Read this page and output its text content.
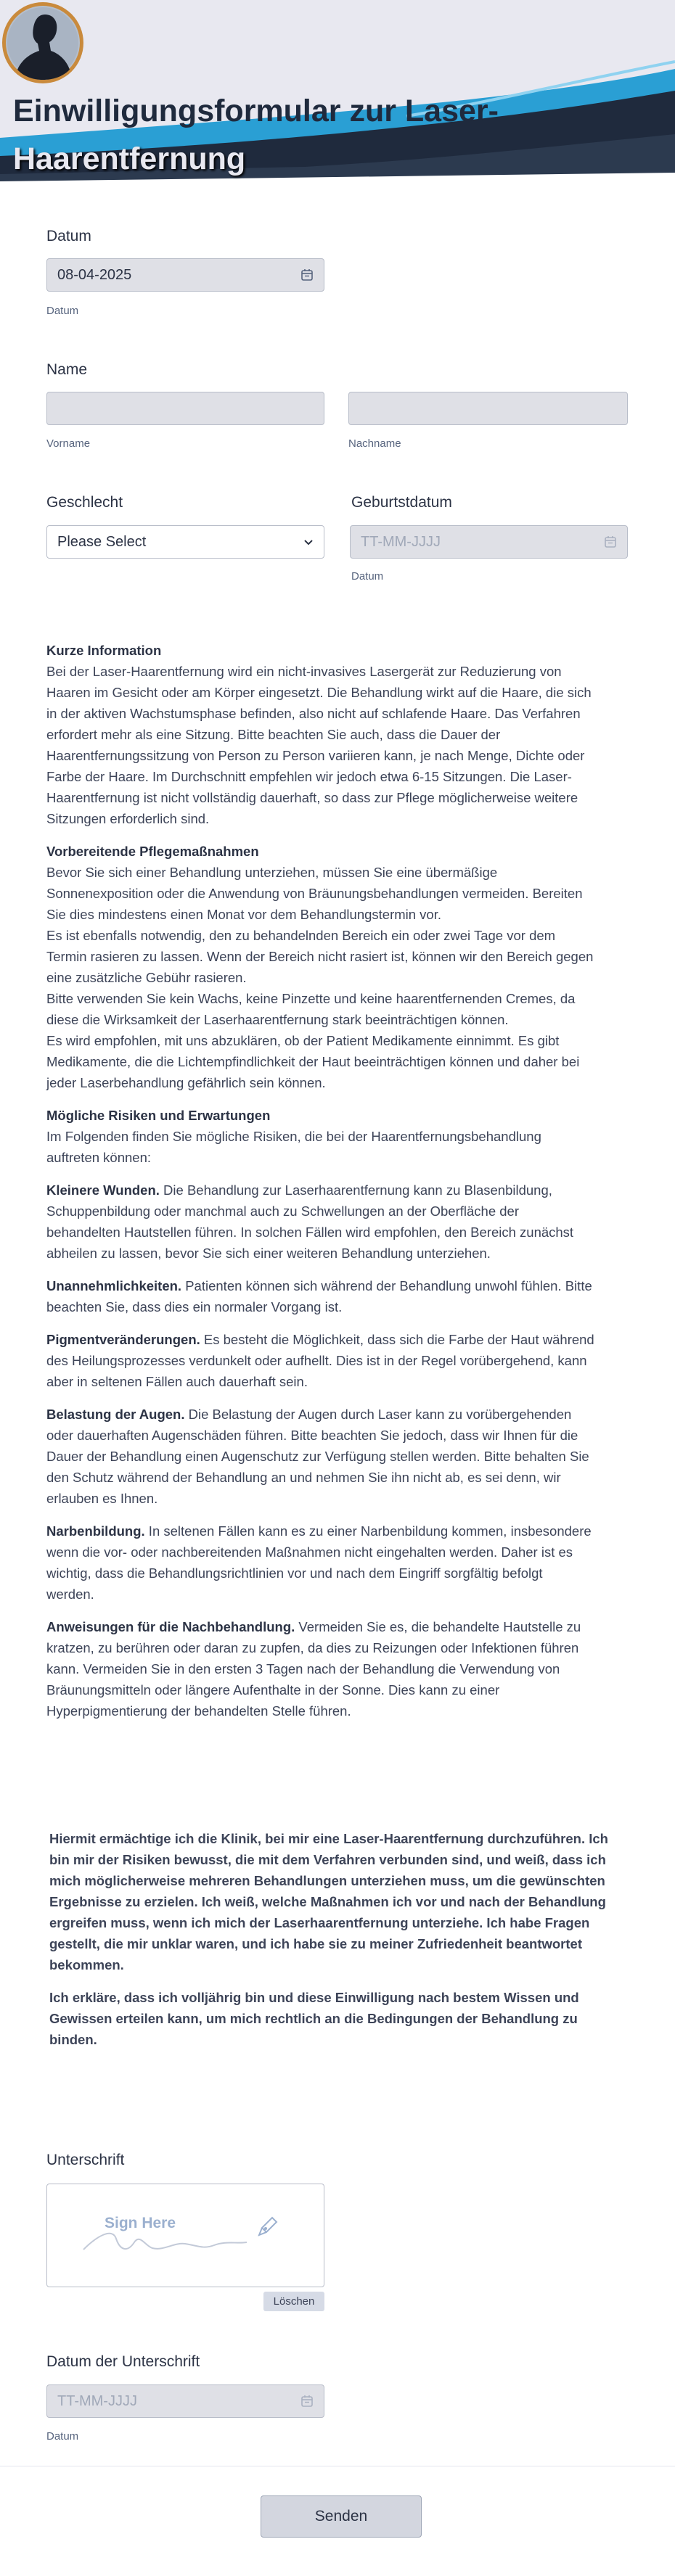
Einwilligungsformular zur Laser-
Haarentfernung
Datum
08-04-2025
Datum
Name
Vorname	Nachname
Geschlecht
Please Select
Geburtstdatum
TT-MM-JJJJ
Datum

Kurze Information
Bei der Laser-Haarentfernung wird ein nicht-invasives Lasergerät zur Reduzierung von
Haaren im Gesicht oder am Körper eingesetzt. Die Behandlung wirkt auf die Haare, die sich
in der aktiven Wachstumsphase befinden, also nicht auf schlafende Haare. Das Verfahren
erfordert mehr als eine Sitzung. Bitte beachten Sie auch, dass die Dauer der
Haarentfernungssitzung von Person zu Person variieren kann, je nach Menge, Dichte oder
Farbe der Haare. Im Durchschnitt empfehlen wir jedoch etwa 6-15 Sitzungen. Die Laser-
Haarentfernung ist nicht vollständig dauerhaft, so dass zur Pflege möglicherweise weitere
Sitzungen erforderlich sind.

Vorbereitende Pflegemaßnahmen
Bevor Sie sich einer Behandlung unterziehen, müssen Sie eine übermäßige
Sonnenexposition oder die Anwendung von Bräunungsbehandlungen vermeiden. Bereiten
Sie dies mindestens einen Monat vor dem Behandlungstermin vor.
Es ist ebenfalls notwendig, den zu behandelnden Bereich ein oder zwei Tage vor dem
Termin rasieren zu lassen. Wenn der Bereich nicht rasiert ist, können wir den Bereich gegen
eine zusätzliche Gebühr rasieren.
Bitte verwenden Sie kein Wachs, keine Pinzette und keine haarentfernenden Cremes, da
diese die Wirksamkeit der Laserhaarentfernung stark beeinträchtigen können.
Es wird empfohlen, mit uns abzuklären, ob der Patient Medikamente einnimmt. Es gibt
Medikamente, die die Lichtempfindlichkeit der Haut beeinträchtigen können und daher bei
jeder Laserbehandlung gefährlich sein können.

Mögliche Risiken und Erwartungen
Im Folgenden finden Sie mögliche Risiken, die bei der Haarentfernungsbehandlung
auftreten können:

Kleinere Wunden. Die Behandlung zur Laserhaarentfernung kann zu Blasenbildung,
Schuppenbildung oder manchmal auch zu Schwellungen an der Oberfläche der
behandelten Hautstellen führen. In solchen Fällen wird empfohlen, den Bereich zunächst
abheilen zu lassen, bevor Sie sich einer weiteren Behandlung unterziehen.

Unannehmlichkeiten. Patienten können sich während der Behandlung unwohl fühlen. Bitte
beachten Sie, dass dies ein normaler Vorgang ist.

Pigmentveränderungen. Es besteht die Möglichkeit, dass sich die Farbe der Haut während
des Heilungsprozesses verdunkelt oder aufhellt. Dies ist in der Regel vorübergehend, kann
aber in seltenen Fällen auch dauerhaft sein.

Belastung der Augen. Die Belastung der Augen durch Laser kann zu vorübergehenden
oder dauerhaften Augenschäden führen. Bitte beachten Sie jedoch, dass wir Ihnen für die
Dauer der Behandlung einen Augenschutz zur Verfügung stellen werden. Bitte behalten Sie
den Schutz während der Behandlung an und nehmen Sie ihn nicht ab, es sei denn, wir
erlauben es Ihnen.

Narbenbildung. In seltenen Fällen kann es zu einer Narbenbildung kommen, insbesondere
wenn die vor- oder nachbereitenden Maßnahmen nicht eingehalten werden. Daher ist es
wichtig, dass die Behandlungsrichtlinien vor und nach dem Eingriff sorgfältig befolgt
werden.

Anweisungen für die Nachbehandlung. Vermeiden Sie es, die behandelte Hautstelle zu
kratzen, zu berühren oder daran zu zupfen, da dies zu Reizungen oder Infektionen führen
kann. Vermeiden Sie in den ersten 3 Tagen nach der Behandlung die Verwendung von
Bräunungsmitteln oder längere Aufenthalte in der Sonne. Dies kann zu einer
Hyperpigmentierung der behandelten Stelle führen.

Hiermit ermächtige ich die Klinik, bei mir eine Laser-Haarentfernung durchzuführen. Ich
bin mir der Risiken bewusst, die mit dem Verfahren verbunden sind, und weiß, dass ich
mich möglicherweise mehreren Behandlungen unterziehen muss, um die gewünschten
Ergebnisse zu erzielen. Ich weiß, welche Maßnahmen ich vor und nach der Behandlung
ergreifen muss, wenn ich mich der Laserhaarentfernung unterziehe. Ich habe Fragen
gestellt, die mir unklar waren, und ich habe sie zu meiner Zufriedenheit beantwortet
bekommen.

Ich erkläre, dass ich volljährig bin und diese Einwilligung nach bestem Wissen und
Gewissen erteilen kann, um mich rechtlich an die Bedingungen der Behandlung zu
binden.

Unterschrift
Sign Here
Löschen
Datum der Unterschrift
TT-MM-JJJJ
Datum
Senden
